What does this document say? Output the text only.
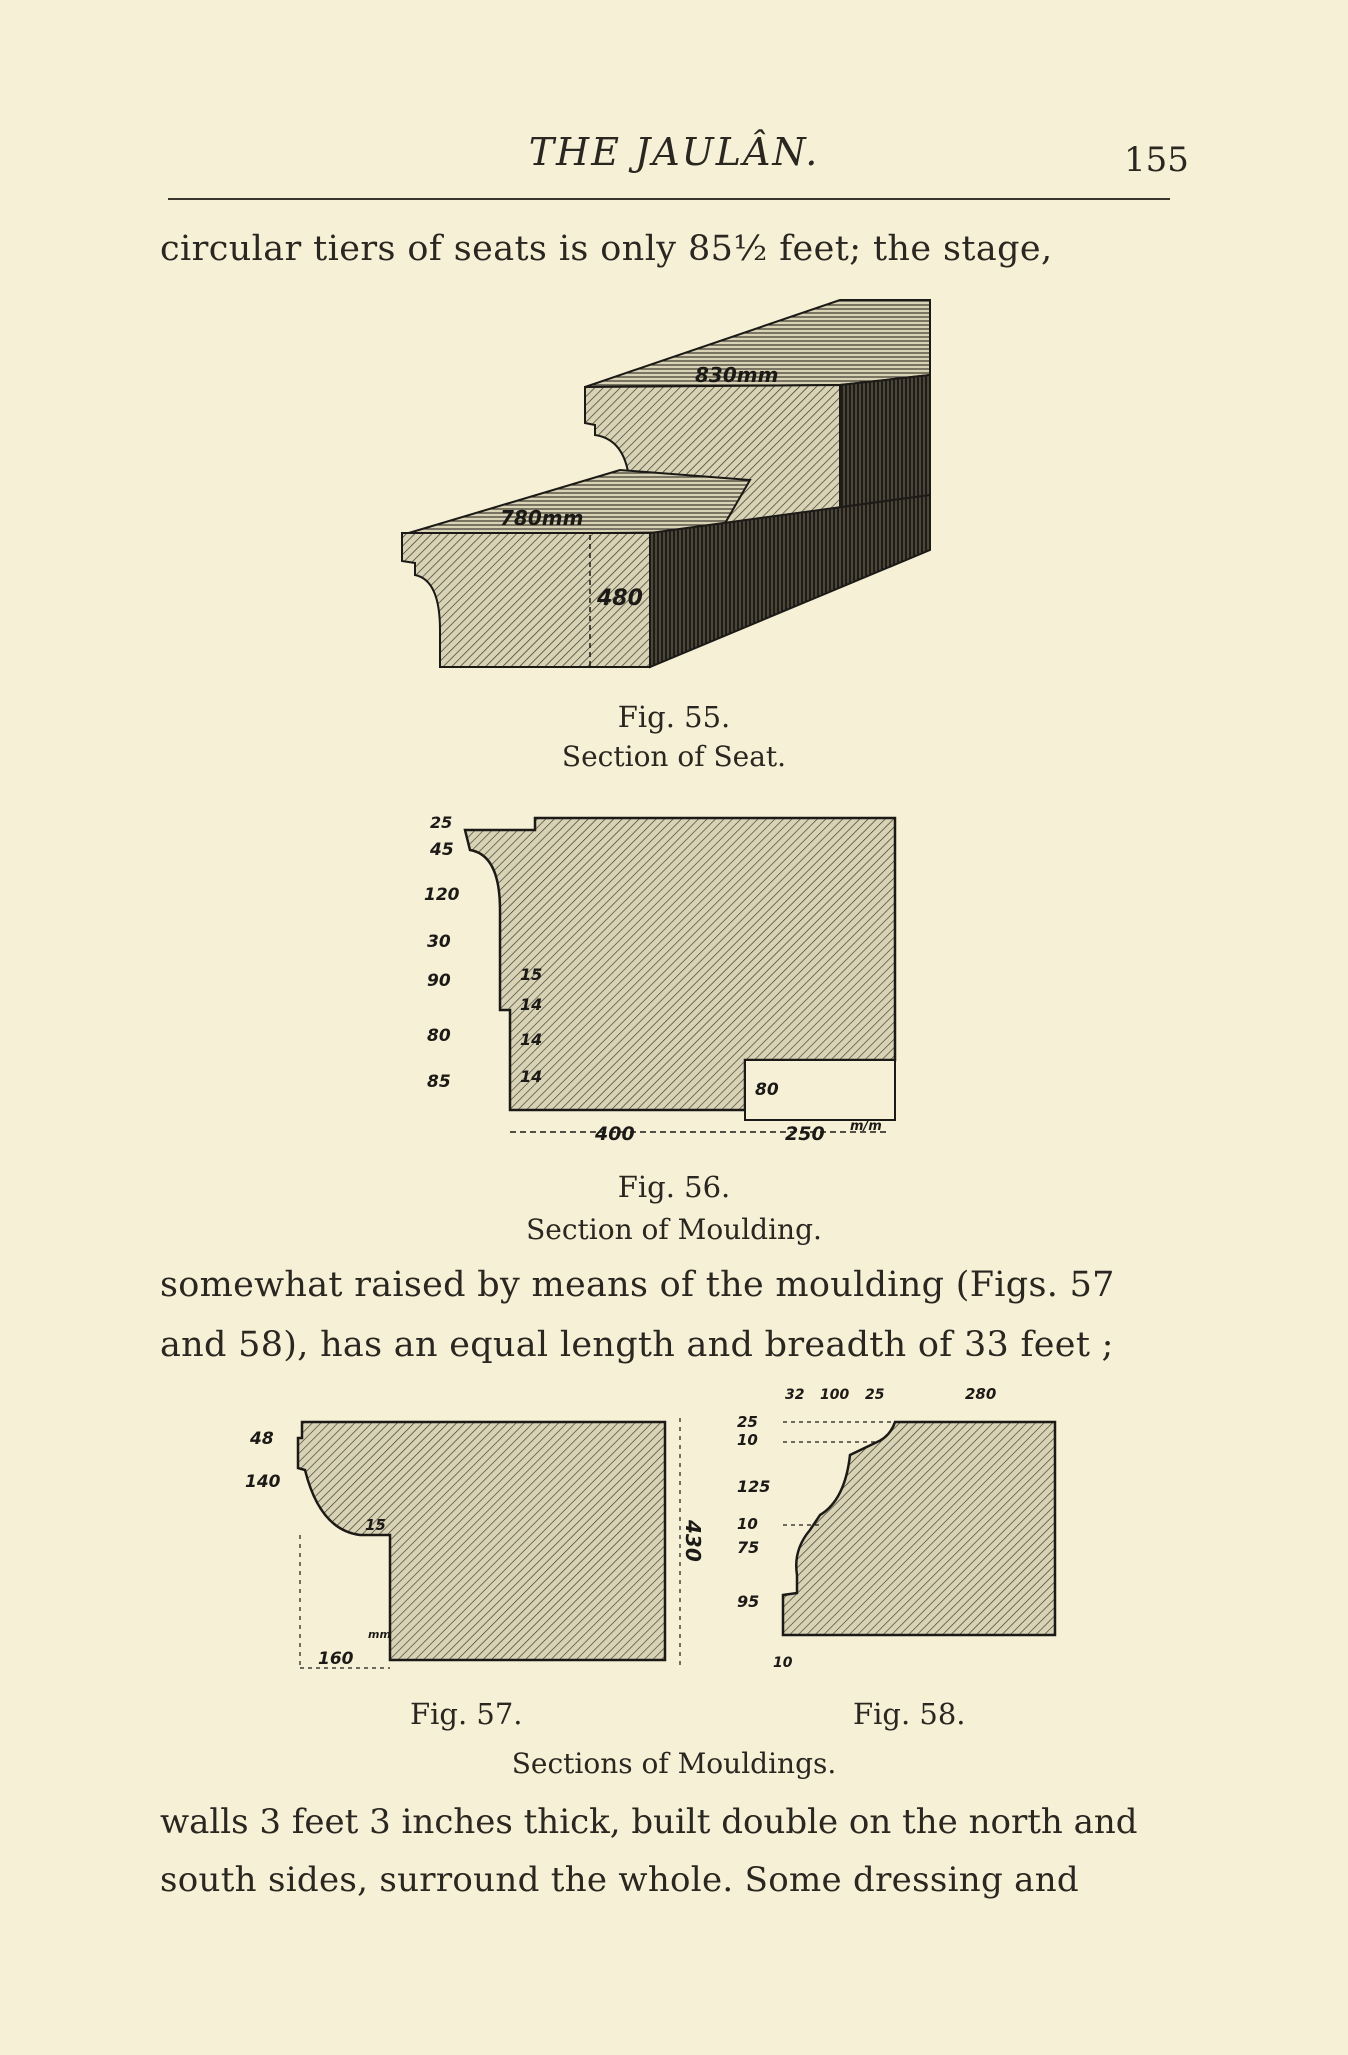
THE JAULÂN.	155
circular tiers of seats is only 85½ feet; the stage,
830mm
780mm
480
Fig. 55.
Section of Seat.
25
45
120
30
90
80
85
15
14
14
14
80
400	250 m/m
Fig. 56.
Section of Moulding.
somewhat raised by means of the moulding (Figs. 57
and 58), has an equal length and breadth of 33 feet ;
48
140
15
160
mm
430
32 100 25	280
25
10
125
10
75
95
10
Fig. 57.	Fig. 58.
Sections of Mouldings.
walls 3 feet 3 inches thick, built double on the north and
south sides, surround the whole. Some dressing and
